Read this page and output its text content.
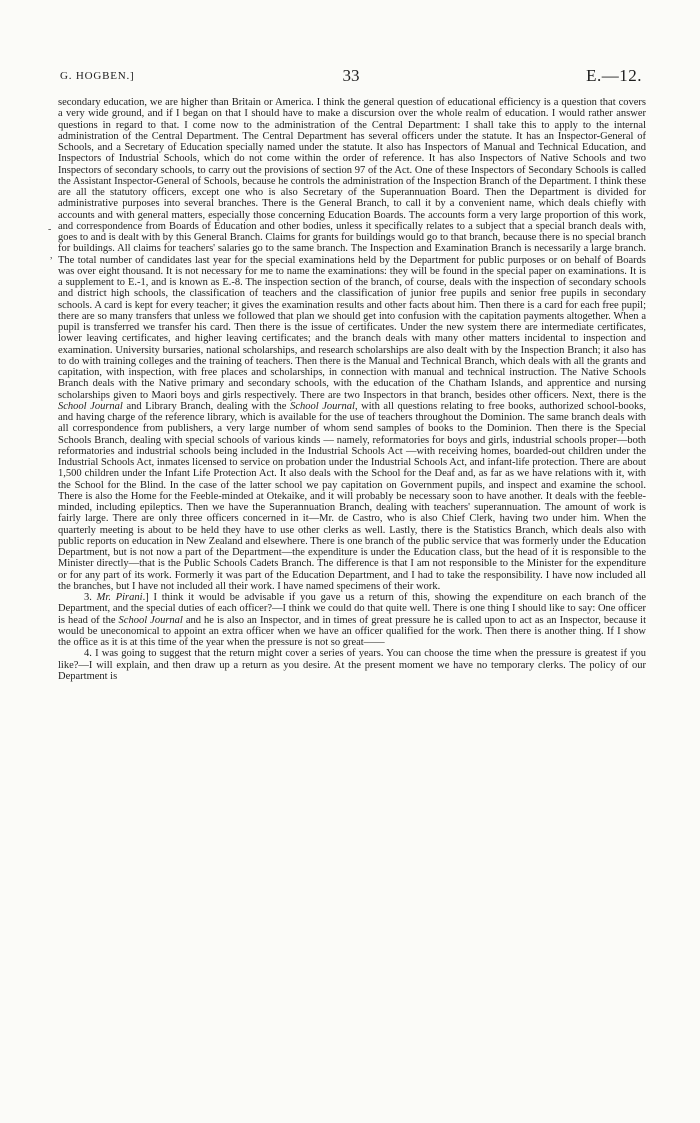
G. HOGBEN.]	33	E.—12.
-
,

secondary education, we are higher than Britain or America. I think the general question of educational efficiency is a question that covers a very wide ground, and if I began on that I should have to make a discursion over the whole realm of education. I would rather answer questions in regard to that. I come now to the administration of the Central Department: I shall take this to apply to the internal administration of the Central Department. The Central Department has several officers under the statute. It has an Inspector-General of Schools, and a Secretary of Education specially named under the statute. It also has Inspectors of Manual and Technical Education, and Inspectors of Industrial Schools, which do not come within the order of reference. It has also Inspectors of Native Schools and two Inspectors of secondary schools, to carry out the provisions of section 97 of the Act. One of these Inspectors of Secondary Schools is called the Assistant Inspector-General of Schools, because he controls the administration of the Inspection Branch of the Department. I think these are all the statutory officers, except one who is also Secretary of the Superannuation Board. Then the Department is divided for administrative purposes into several branches. There is the General Branch, to call it by a convenient name, which deals chiefly with accounts and with general matters, especially those concerning Education Boards. The accounts form a very large proportion of this work, and correspondence from Boards of Education and other bodies, unless it specifically relates to a subject that a special branch deals with, goes to and is dealt with by this General Branch. Claims for grants for buildings would go to that branch, because there is no special branch for buildings. All claims for teachers' salaries go to the same branch. The Inspection and Examination Branch is necessarily a large branch. The total number of candidates last year for the special examinations held by the Department for public purposes or on behalf of Boards was over eight thousand. It is not necessary for me to name the examinations: they will be found in the special paper on examinations. It is a supplement to E.-1, and is known as E.-8. The inspection section of the branch, of course, deals with the inspection of secondary schools and district high schools, the classification of teachers and the classification of junior free pupils and senior free pupils in secondary schools. A card is kept for every teacher; it gives the examination results and other facts about him. Then there is a card for each free pupil; there are so many transfers that unless we followed that plan we should get into confusion with the capitation payments altogether. When a pupil is transferred we transfer his card. Then there is the issue of certificates. Under the new system there are intermediate certificates, lower leaving certificates, and higher leaving certificates; and the branch deals with many other matters incidental to inspection and examination. University bursaries, national scholarships, and research scholarships are also dealt with by the Inspection Branch; it also has to do with training colleges and the training of teachers. Then there is the Manual and Technical Branch, which deals with all the grants and capitation, with inspection, with free places and scholarships, in connection with manual and technical instruction. The Native Schools Branch deals with the Native primary and secondary schools, with the education of the Chatham Islands, and apprentice and nursing scholarships given to Maori boys and girls respectively. There are two Inspectors in that branch, besides other officers. Next, there is the School Journal and Library Branch, dealing with the School Journal, with all questions relating to free books, authorized school-books, and having charge of the reference library, which is available for the use of teachers throughout the Dominion. The same branch deals with all correspondence from publishers, a very large number of whom send samples of books to the Dominion. Then there is the Special Schools Branch, dealing with special schools of various kinds — namely, reformatories for boys and girls, industrial schools proper—both reformatories and industrial schools being included in the Industrial Schools Act —with receiving homes, boarded-out children under the Industrial Schools Act, inmates licensed to service on probation under the Industrial Schools Act, and infant-life protection. There are about 1,500 children under the Infant Life Protection Act. It also deals with the School for the Deaf and, as far as we have relations with it, with the School for the Blind. In the case of the latter school we pay capitation on Government pupils, and inspect and examine the school. There is also the Home for the Feeble-minded at Otekaike, and it will probably be necessary soon to have another. It deals with the feeble-minded, including epileptics. Then we have the Superannuation Branch, dealing with teachers' superannuation. The amount of work is fairly large. There are only three officers concerned in it—Mr. de Castro, who is also Chief Clerk, having two under him. When the quarterly meeting is about to be held they have to use other clerks as well. Lastly, there is the Statistics Branch, which deals also with public reports on education in New Zealand and elsewhere. There is one branch of the public service that was formerly under the Education Department, but is not now a part of the Department—the expenditure is under the Education class, but the head of it is responsible to the Minister directly—that is the Public Schools Cadets Branch. The difference is that I am not responsible to the Minister for the expenditure or for any part of its work. Formerly it was part of the Education Department, and I had to take the responsibility. I have now included all the branches, but I have not included all their work. I have named specimens of their work.

3. Mr. Pirani.] I think it would be advisable if you gave us a return of this, showing the expenditure on each branch of the Department, and the special duties of each officer?—I think we could do that quite well. There is one thing I should like to say: One officer is head of the School Journal and he is also an Inspector, and in times of great pressure he is called upon to act as an Inspector, because it would be uneconomical to appoint an extra officer when we have an officer qualified for the work. Then there is another thing. If I show the office as it is at this time of the year when the pressure is not so great——

4. I was going to suggest that the return might cover a series of years. You can choose the time when the pressure is greatest if you like?—I will explain, and then draw up a return as you desire. At the present moment we have no temporary clerks. The policy of our Department is
